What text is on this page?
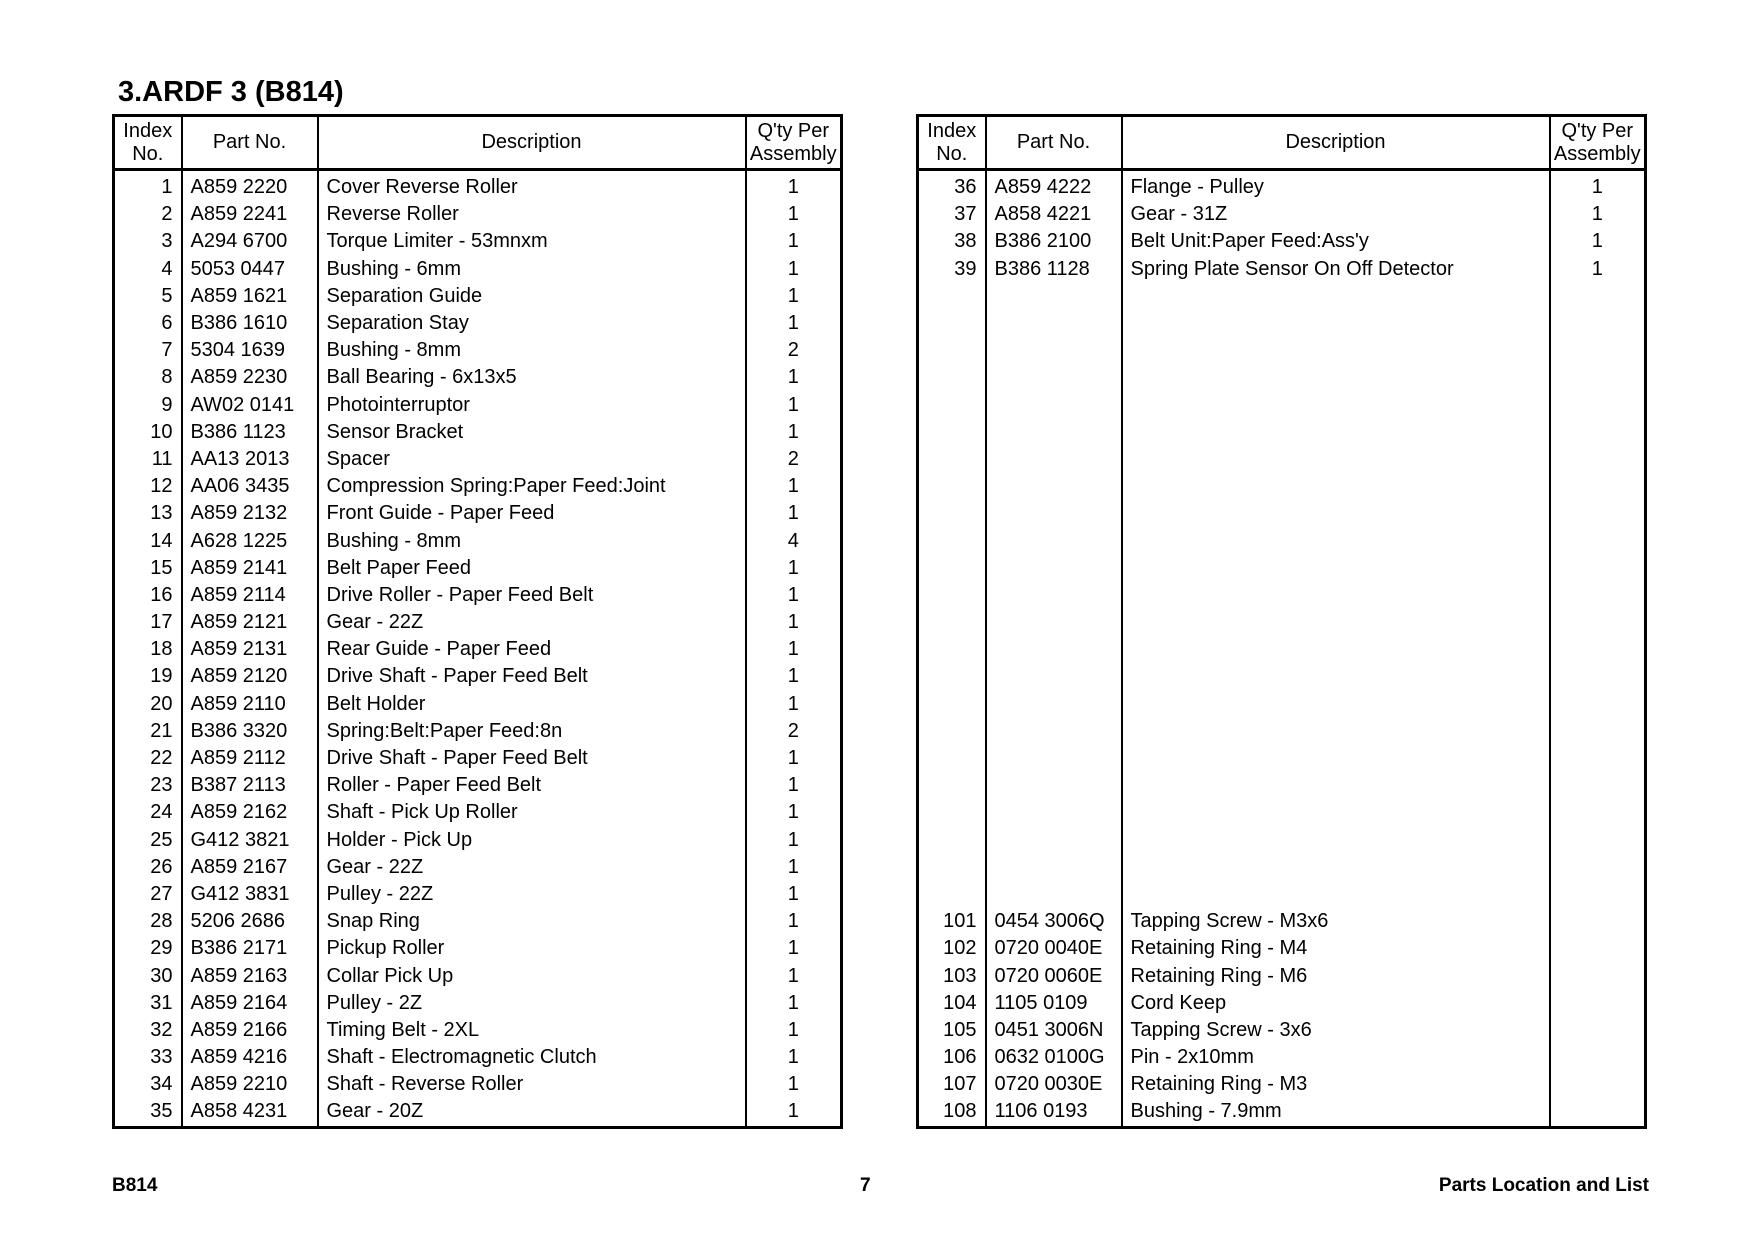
3.ARDF 3 (B814)
Index
No.	Part No.	Description	Q'ty Per
Assembly
1	A859 2220	Cover Reverse Roller	1
2	A859 2241	Reverse Roller	1
3	A294 6700	Torque Limiter - 53mnxm	1
4	5053 0447	Bushing - 6mm	1
5	A859 1621	Separation Guide	1
6	B386 1610	Separation Stay	1
7	5304 1639	Bushing - 8mm	2
8	A859 2230	Ball Bearing - 6x13x5	1
9	AW02 0141	Photointerruptor	1
10	B386 1123	Sensor Bracket	1
11	AA13 2013	Spacer	2
12	AA06 3435	Compression Spring:Paper Feed:Joint	1
13	A859 2132	Front Guide - Paper Feed	1
14	A628 1225	Bushing - 8mm	4
15	A859 2141	Belt Paper Feed	1
16	A859 2114	Drive Roller - Paper Feed Belt	1
17	A859 2121	Gear - 22Z	1
18	A859 2131	Rear Guide - Paper Feed	1
19	A859 2120	Drive Shaft - Paper Feed Belt	1
20	A859 2110	Belt Holder	1
21	B386 3320	Spring:Belt:Paper Feed:8n	2
22	A859 2112	Drive Shaft - Paper Feed Belt	1
23	B387 2113	Roller - Paper Feed Belt	1
24	A859 2162	Shaft - Pick Up Roller	1
25	G412 3821	Holder - Pick Up	1
26	A859 2167	Gear - 22Z	1
27	G412 3831	Pulley - 22Z	1
28	5206 2686	Snap Ring	1
29	B386 2171	Pickup Roller	1
30	A859 2163	Collar Pick Up	1
31	A859 2164	Pulley - 2Z	1
32	A859 2166	Timing Belt - 2XL	1
33	A859 4216	Shaft - Electromagnetic Clutch	1
34	A859 2210	Shaft - Reverse Roller	1
35	A858 4231	Gear - 20Z	1
Index
No.	Part No.	Description	Q'ty Per
Assembly
36	A859 4222	Flange - Pulley	1
37	A858 4221	Gear - 31Z	1
38	B386 2100	Belt Unit:Paper Feed:Ass'y	1
39	B386 1128	Spring Plate Sensor On Off Detector	1

101	0454 3006Q	Tapping Screw - M3x6	
102	0720 0040E	Retaining Ring - M4	
103	0720 0060E	Retaining Ring - M6	
104	1105 0109	Cord Keep	
105	0451 3006N	Tapping Screw - 3x6	
106	0632 0100G	Pin - 2x10mm	
107	0720 0030E	Retaining Ring - M3	
108	1106 0193	Bushing - 7.9mm	
B814	7	Parts Location and List
